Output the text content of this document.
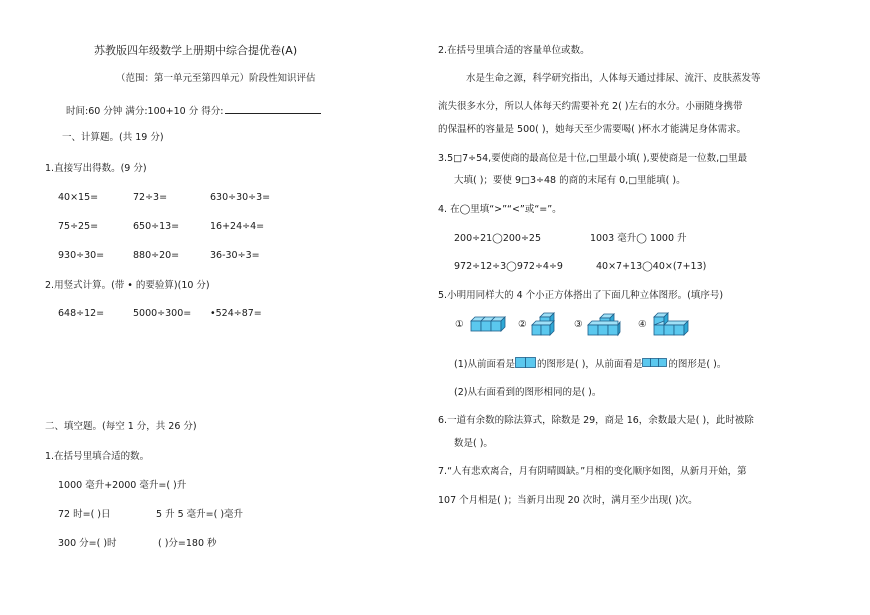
苏教版四年级数学上册期中综合提优卷(A)
（范围：第一单元至第四单元）阶段性知识评估
时间:60 分钟 满分:100+10 分 得分:
一、计算题。(共 19 分)
1.直接写出得数。(9 分)
40×15=	72÷3=	630÷30÷3=
75÷25=	650÷13=	16+24÷4=
930÷30=	880÷20=	36-30÷3=
2.用竖式计算。(带 • 的要验算)(10 分)
648÷12=	5000÷300= •524÷87=
二、填空题。(每空 1 分，共 26 分)
1.在括号里填合适的数。
1000 毫升+2000 毫升=( )升
72 时=( )日	5 升 5 毫升=( )毫升
300 分=( )时	( )分=180 秒
2.在括号里填合适的容量单位或数。
水是生命之源，科学研究指出，人体每天通过排尿、流汗、皮肤蒸发等
流失很多水分，所以人体每天约需要补充 2( )左右的水分。小丽随身携带
的保温杯的容量是 500( )，她每天至少需要喝( )杯水才能满足身体需求。
3.5□7÷54,要使商的最高位是十位,□里最小填( ),要使商是一位数,□里最
大填( )；要使 9□3÷48 的商的末尾有 0,□里能填( )。
4. 在◯里填“>”“<”或“=”。
200÷21◯200÷25	1003 毫升◯ 1000 升
972÷12÷3◯972÷4÷9	40×7+13◯40×(7+13)
5.小明用同样大的 4 个小正方体搭出了下面几种立体图形。(填序号)
①	②	③	④
(1)从前面看是 的图形是( )，从前面看是	的图形是( )。
(2)从右面看到的图形相同的是( )。
6.一道有余数的除法算式，除数是 29，商是 16，余数最大是( )，此时被除
数是( )。
7.“人有悲欢离合，月有阴晴圆缺。”月相的变化顺序如图，从新月开始，第
107 个月相是( )；当新月出现 20 次时，满月至少出现( )次。
